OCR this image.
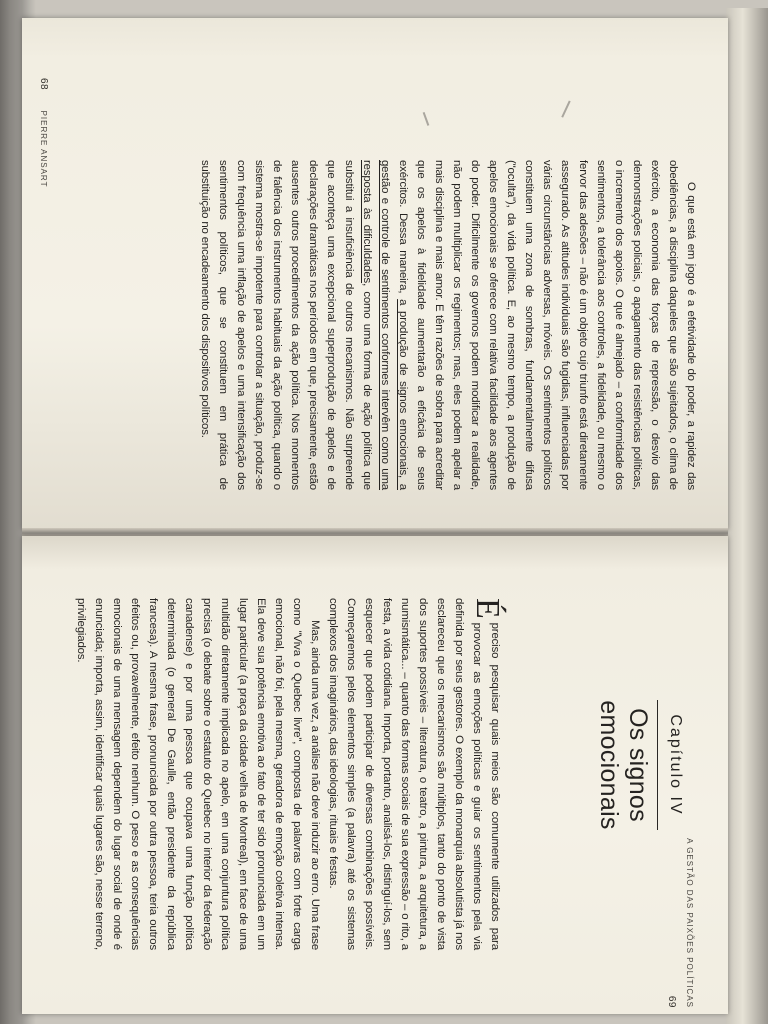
68 PIERRE ANSART

O que está em jogo é a efetividade do poder, a rapidez das obediências, a disciplina daqueles que são sujeitados, o clima de exército, a economia das forças de repressão, o desvio das demonstrações policiais, o apagamento das resistências políticas, o incremento dos apoios. O que é almejado – a conformidade dos sentimentos, a tolerância aos controles, a fidelidade, ou mesmo o fervor das adesões – não é um objeto cujo triunfo está diretamente assegurado. As atitudes individuais são fugidias, influenciadas por várias circunstâncias adversas, móveis. Os sentimentos políticos constituem uma zona de sombras, fundamentalmente difusa ("oculta"), da vida política. E, ao mesmo tempo, a produção de apelos emocionais se oferece com relativa facilidade aos agentes do poder. Dificilmente os governos podem modificar a realidade, não podem multiplicar os regimentos; mas, eles podem apelar a mais disciplina e mais amor. E têm razões de sobra para acreditar que os apelos à fidelidade aumentarão a eficácia de seus exércitos. Dessa maneira, a produção de signos emocionais, a gestão e controle de sentimentos conformes intervêm como uma resposta às dificuldades, como uma forma de ação política que substitui a insuficiência de outros mecanismos. Não surpreende que aconteça uma excepcional superprodução de apelos e de declarações dramáticas nos períodos em que, precisamente, estão ausentes outros procedimentos da ação política. Nos momentos de falência dos instrumentos habituais da ação política, quando o sistema mostra-se impotente para controlar a situação, produz-se com frequência uma inflação de apelos e uma intensificação dos sentimentos políticos, que se constituem em prática de substituição no encadeamento dos dispositivos políticos.

Capítulo IV
Os signos emocionais

É
preciso pesquisar quais meios são comumente utilizados para provocar as emoções políticas e guiar os sentimentos pela via definida por seus gestores. O exemplo da monarquia absolutista já nos esclareceu que os mecanismos são múltiplos, tanto do ponto de vista dos suportes possíveis – literatura, o teatro, a pintura, a arquitetura, a numismática... – quanto das formas sociais de sua expressão – o rito, a festa, a vida cotidiana. Importa, portanto, analisá-los, distinguí-los, sem esquecer que podem participar de diversas combinações possíveis. Começaremos pelos elementos simples (a palavra) até os sistemas complexos dos imaginários, das ideologias, rituais e festas.

Mas, ainda uma vez, a análise não deve induzir ao erro. Uma frase como "Viva o Quebec livre", composta de palavras com forte carga emocional, não foi, pela mesma, geradora de emoção coletiva intensa. Ela deve sua potência emotiva ao fato de ter sido pronunciada em um lugar particular (a praça da cidade velha de Montreal), em face de uma multidão diretamente implicada no apelo, em uma conjuntura política precisa (o debate sobre o estatuto do Quebec no interior da federação canadense) e por uma pessoa que ocupava uma função política determinada (o general De Gaulle, então presidente da república francesa). A mesma frase, pronunciada por outra pessoa, teria outros efeitos ou, provavelmente, efeito nenhum. O peso e as consequências emocionais de uma mensagem dependem do lugar social de onde é enunciada; importa, assim, identificar quais lugares são, nesse terreno, privilegiados.

A GESTÃO DAS PAIXÕES POLÍTICAS 69
